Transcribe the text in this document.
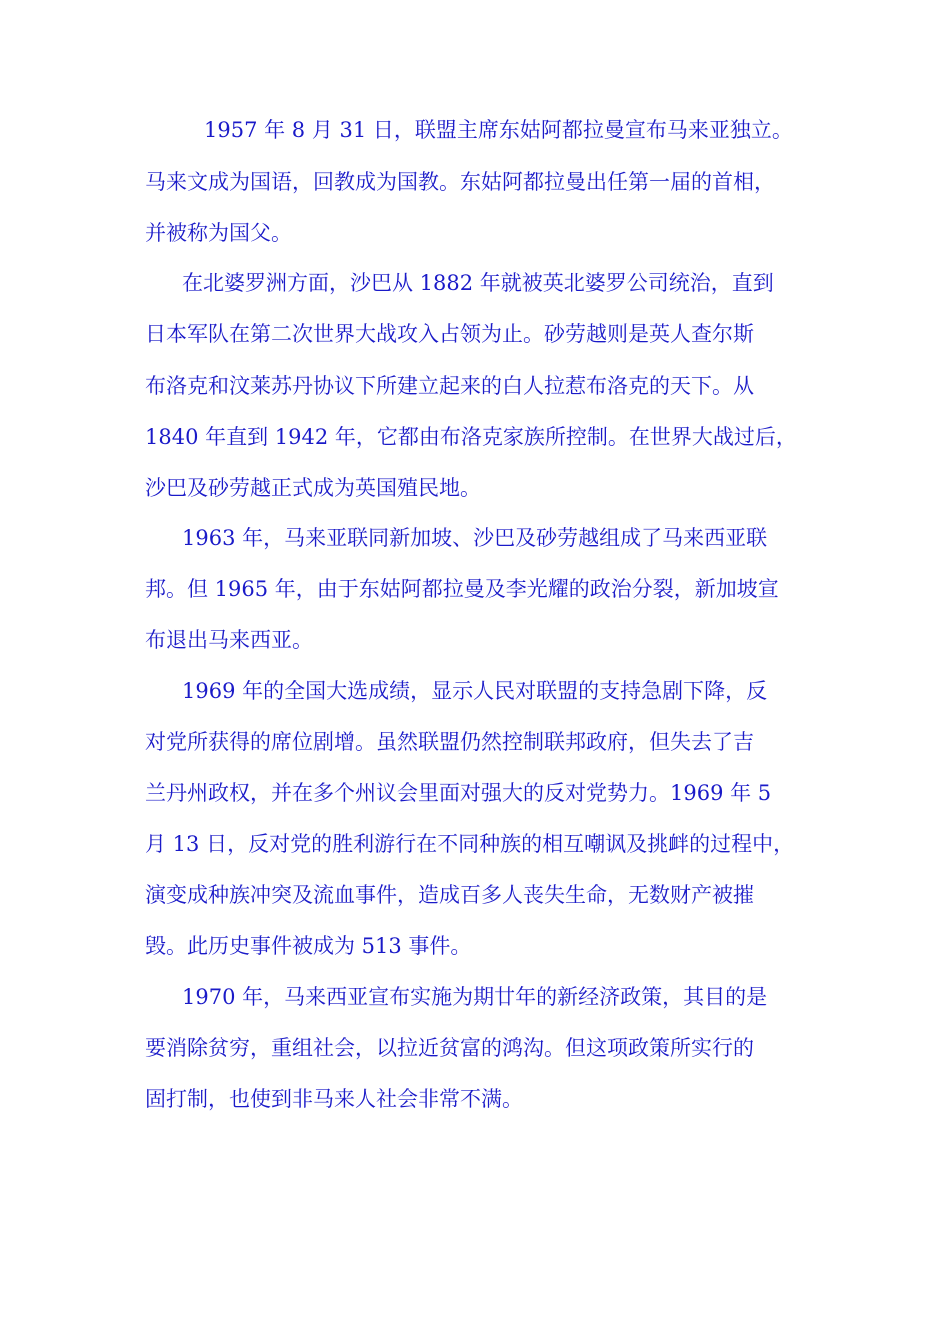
1957 年 8 月 31 日，联盟主席东姑阿都拉曼宣布马来亚独立。
马来文成为国语，回教成为国教。东姑阿都拉曼出任第一届的首相，
并被称为国父。
在北婆罗洲方面，沙巴从 1882 年就被英北婆罗公司统治，直到
日本军队在第二次世界大战攻入占领为止。砂劳越则是英人查尔斯
布洛克和汶莱苏丹协议下所建立起来的白人拉惹布洛克的天下。从
1840 年直到 1942 年，它都由布洛克家族所控制。在世界大战过后，
沙巴及砂劳越正式成为英国殖民地。
1963 年，马来亚联同新加坡、沙巴及砂劳越组成了马来西亚联
邦。但 1965 年，由于东姑阿都拉曼及李光耀的政治分裂，新加坡宣
布退出马来西亚。
1969 年的全国大选成绩，显示人民对联盟的支持急剧下降，反
对党所获得的席位剧增。虽然联盟仍然控制联邦政府，但失去了吉
兰丹州政权，并在多个州议会里面对强大的反对党势力。1969 年 5
月 13 日，反对党的胜利游行在不同种族的相互嘲讽及挑衅的过程中，
演变成种族冲突及流血事件，造成百多人丧失生命，无数财产被摧
毁。此历史事件被成为 513 事件。
1970 年，马来西亚宣布实施为期廿年的新经济政策，其目的是
要消除贫穷，重组社会，以拉近贫富的鸿沟。但这项政策所实行的
固打制，也使到非马来人社会非常不满。
